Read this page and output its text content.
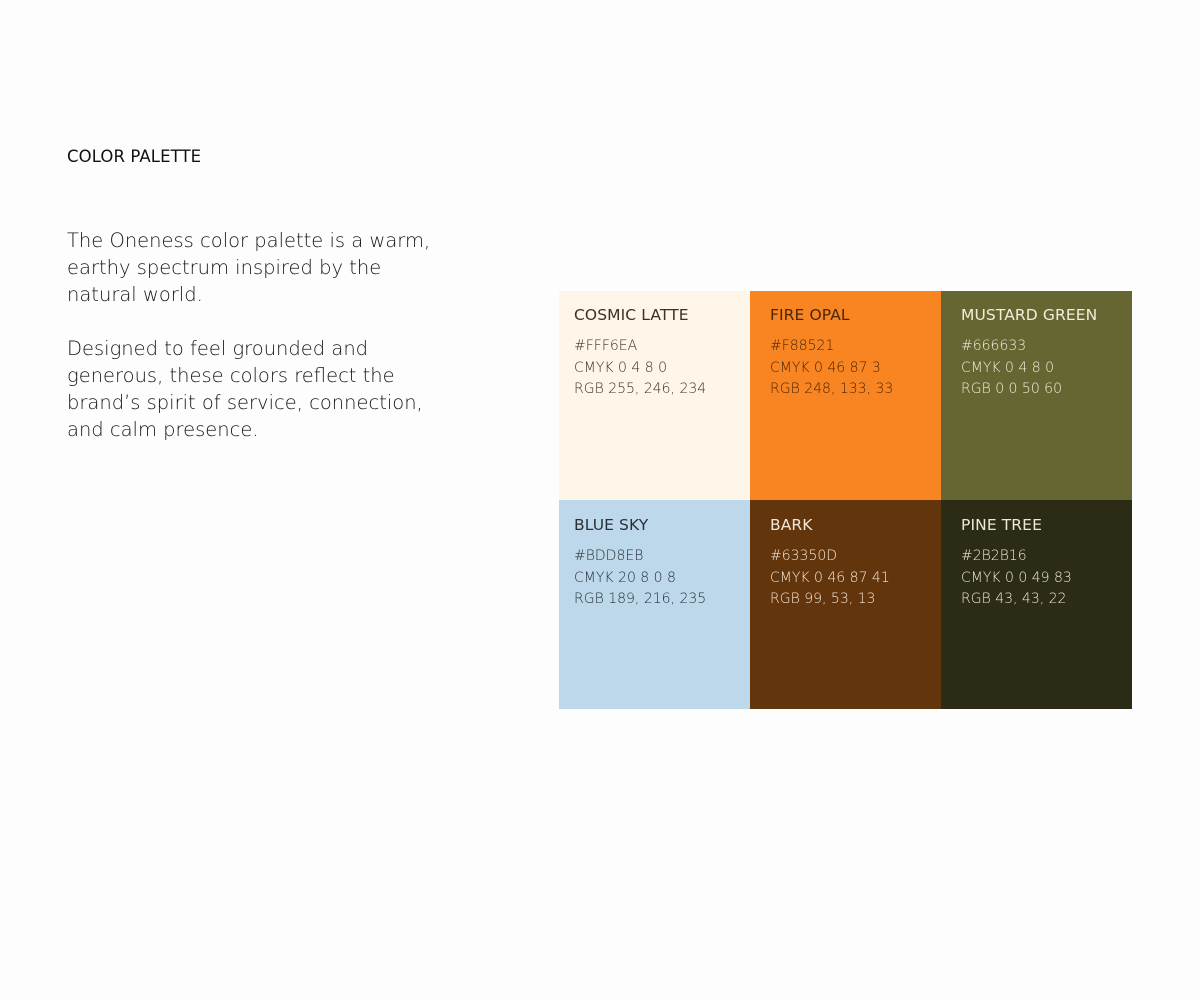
COLOR PALETTE

The Oneness color palette is a warm, earthy spectrum inspired by the natural world.

Designed to feel grounded and generous, these colors reflect the brand’s spirit of service, connection, and calm presence.

COSMIC LATTE
#FFF6EA
CMYK 0 4 8 0
RGB 255, 246, 234
FIRE OPAL
#F88521
CMYK 0 46 87 3
RGB 248, 133, 33
MUSTARD GREEN
#666633
CMYK 0 4 8 0
RGB 0 0 50 60
BLUE SKY
#BDD8EB
CMYK 20 8 0 8
RGB 189, 216, 235
BARK
#63350D
CMYK 0 46 87 41
RGB 99, 53, 13
PINE TREE
#2B2B16
CMYK 0 0 49 83
RGB 43, 43, 22
